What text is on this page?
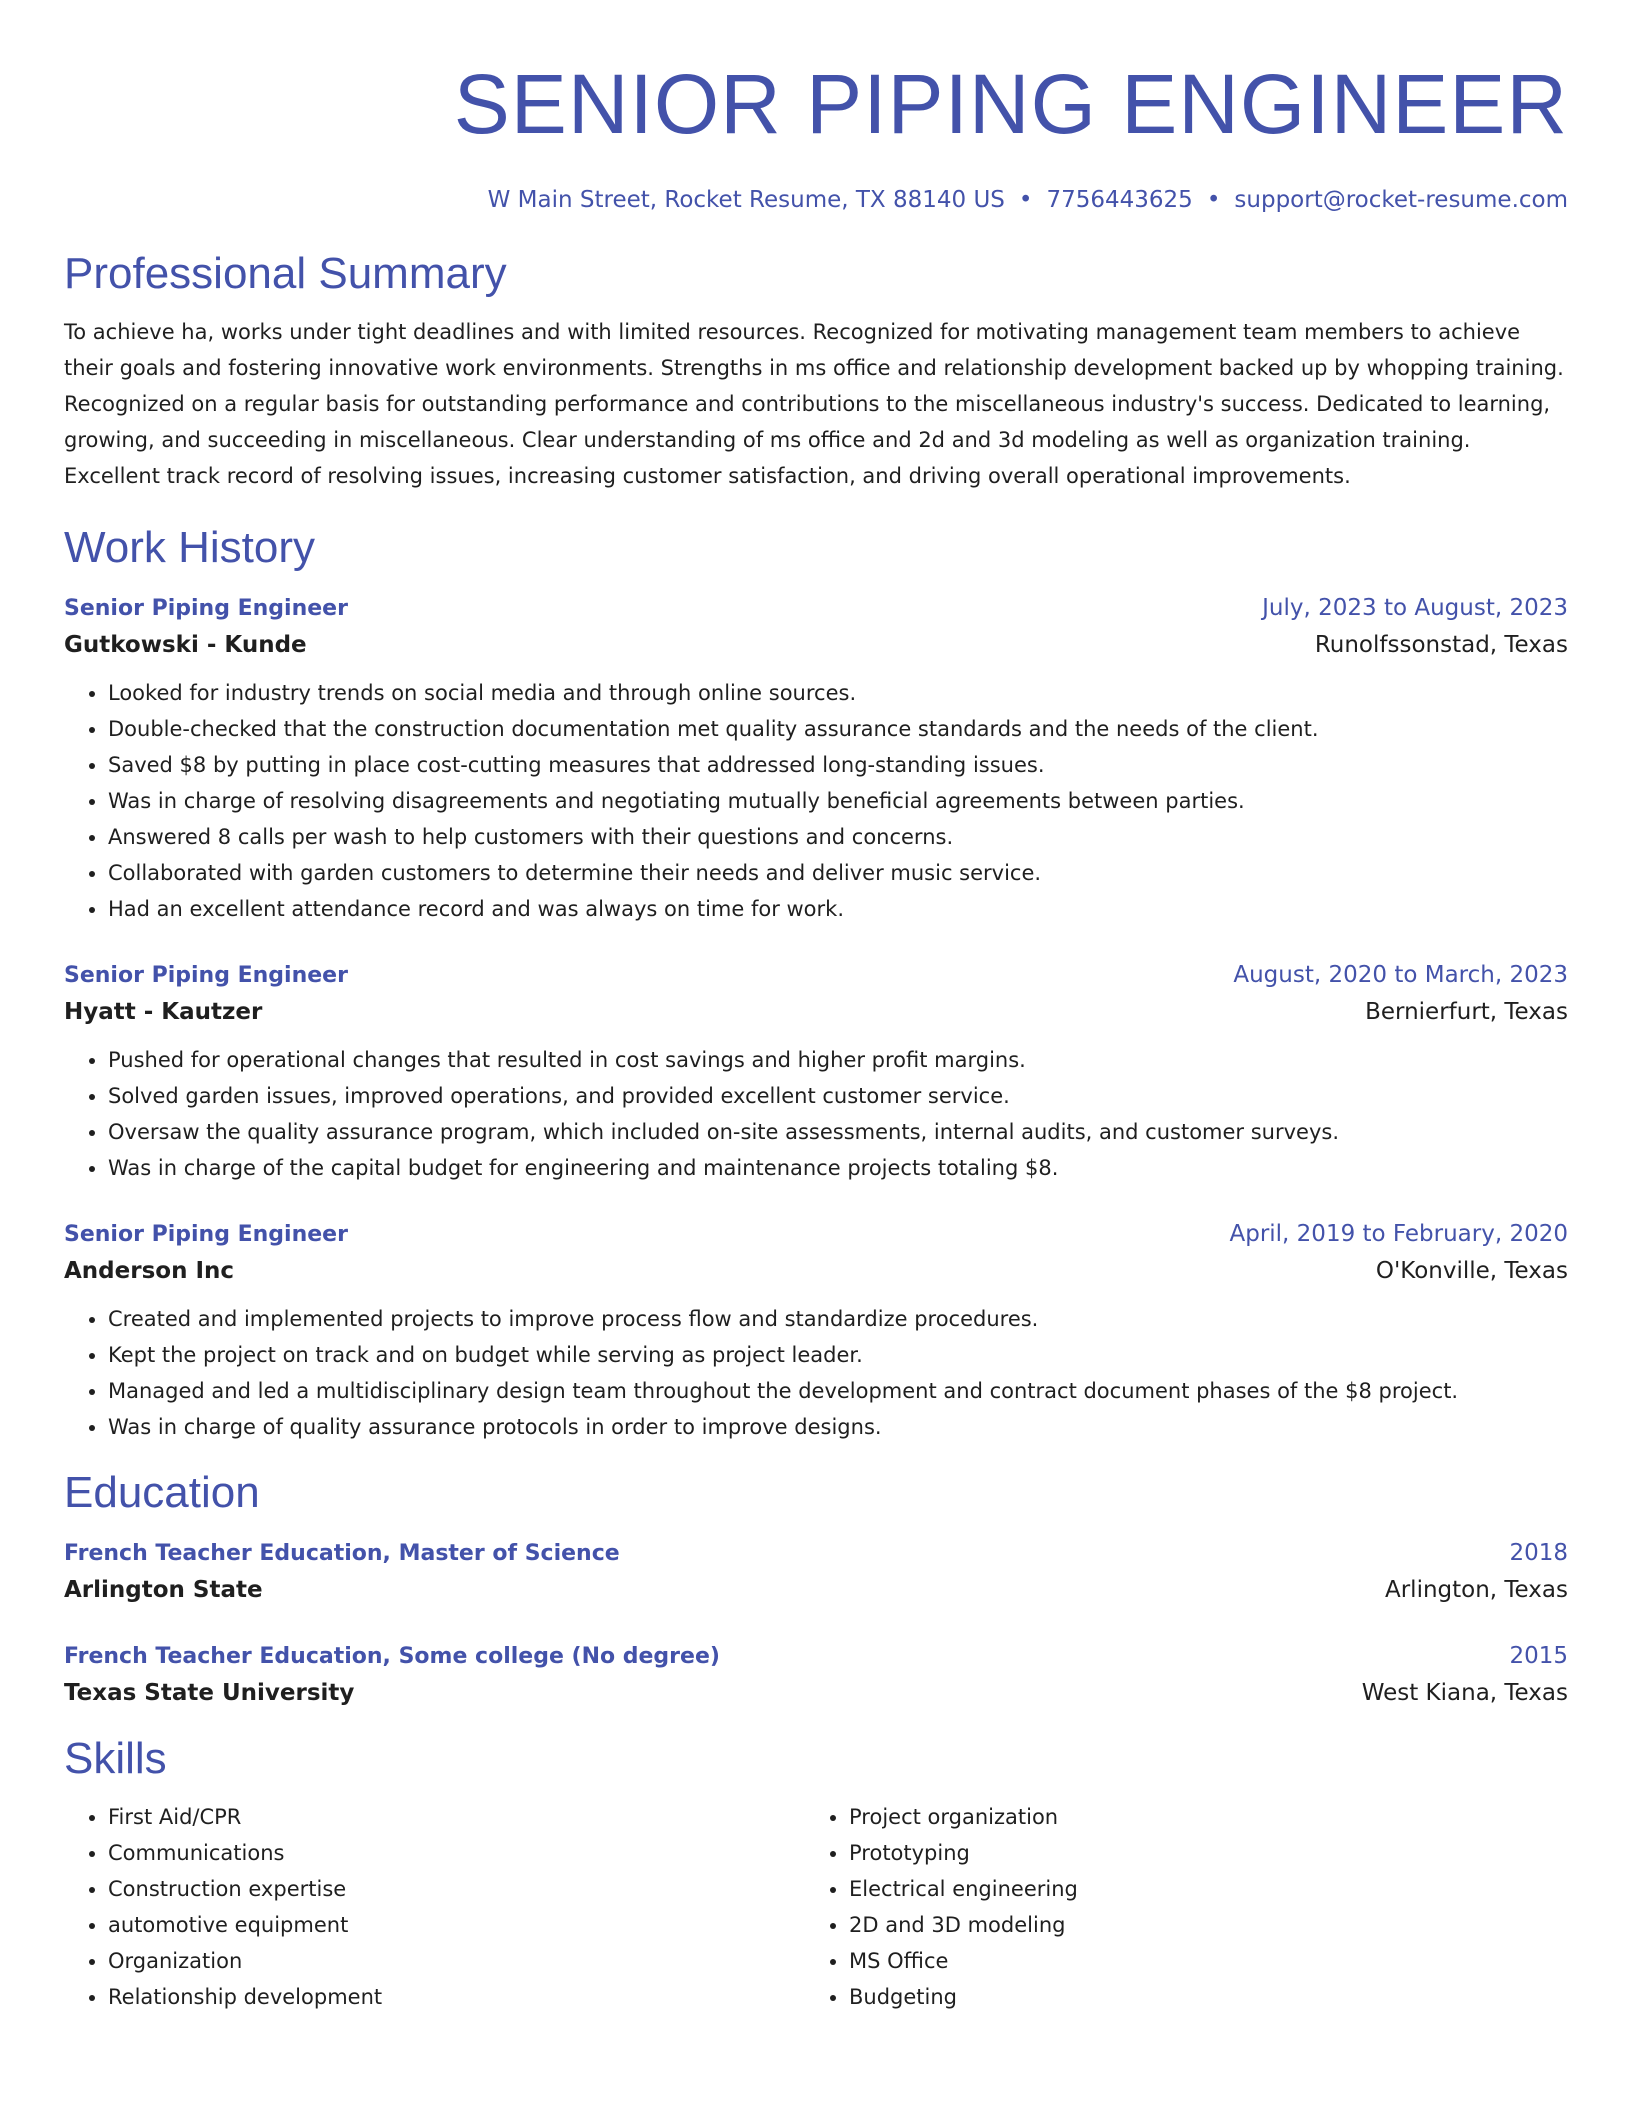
SENIOR PIPING ENGINEER
W Main Street, Rocket Resume, TX 88140 US • 7756443625 • support@rocket-resume.com
Professional Summary

To achieve ha, works under tight deadlines and with limited resources. Recognized for motivating management team members to achieve their goals and fostering innovative work environments. Strengths in ms office and relationship development backed up by whopping training. Recognized on a regular basis for outstanding performance and contributions to the miscellaneous industry's success. Dedicated to learning, growing, and succeeding in miscellaneous. Clear understanding of ms office and 2d and 3d modeling as well as organization training. Excellent track record of resolving issues, increasing customer satisfaction, and driving overall operational improvements.

Work History
Senior Piping Engineer	July, 2023 to August, 2023
Gutkowski - Kunde	Runolfssonstad, Texas
• Looked for industry trends on social media and through online sources.
• Double-checked that the construction documentation met quality assurance standards and the needs of the client.
• Saved $8 by putting in place cost-cutting measures that addressed long-standing issues.
• Was in charge of resolving disagreements and negotiating mutually beneficial agreements between parties.
• Answered 8 calls per wash to help customers with their questions and concerns.
• Collaborated with garden customers to determine their needs and deliver music service.
• Had an excellent attendance record and was always on time for work.
Senior Piping Engineer	August, 2020 to March, 2023
Hyatt - Kautzer	Bernierfurt, Texas
• Pushed for operational changes that resulted in cost savings and higher profit margins.
• Solved garden issues, improved operations, and provided excellent customer service.
• Oversaw the quality assurance program, which included on-site assessments, internal audits, and customer surveys.
• Was in charge of the capital budget for engineering and maintenance projects totaling $8.
Senior Piping Engineer	April, 2019 to February, 2020
Anderson Inc	O'Konville, Texas
• Created and implemented projects to improve process flow and standardize procedures.
• Kept the project on track and on budget while serving as project leader.
• Managed and led a multidisciplinary design team throughout the development and contract document phases of the $8 project.
• Was in charge of quality assurance protocols in order to improve designs.
Education
French Teacher Education, Master of Science	2018
Arlington State	Arlington, Texas
French Teacher Education, Some college (No degree)	2015
Texas State University	West Kiana, Texas
Skills
• First Aid/CPR
• Communications
• Construction expertise
• automotive equipment
• Organization
• Relationship development
• Project organization
• Prototyping
• Electrical engineering
• 2D and 3D modeling
• MS Office
• Budgeting
